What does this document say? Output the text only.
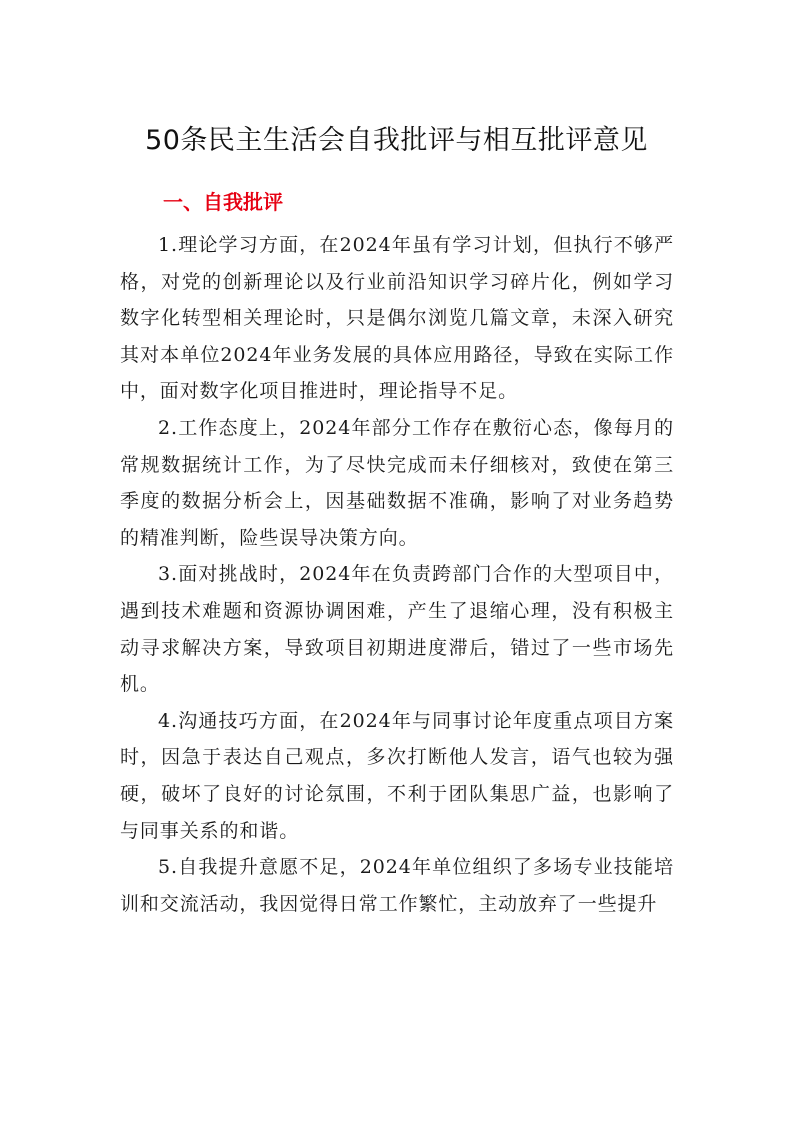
50条民主生活会自我批评与相互批评意见
一、自我批评

1.理论学习方面，在2024年虽有学习计划，但执行不够严格，对党的创新理论以及行业前沿知识学习碎片化，例如学习数字化转型相关理论时，只是偶尔浏览几篇文章，未深入研究其对本单位2024年业务发展的具体应用路径，导致在实际工作中，面对数字化项目推进时，理论指导不足。

2.工作态度上，2024年部分工作存在敷衍心态，像每月的常规数据统计工作，为了尽快完成而未仔细核对，致使在第三季度的数据分析会上，因基础数据不准确，影响了对业务趋势的精准判断，险些误导决策方向。

3.面对挑战时，2024年在负责跨部门合作的大型项目中，遇到技术难题和资源协调困难，产生了退缩心理，没有积极主动寻求解决方案，导致项目初期进度滞后，错过了一些市场先机。

4.沟通技巧方面，在2024年与同事讨论年度重点项目方案时，因急于表达自己观点，多次打断他人发言，语气也较为强硬，破坏了良好的讨论氛围，不利于团队集思广益，也影响了与同事关系的和谐。

5.自我提升意愿不足，2024年单位组织了多场专业技能培训和交流活动，我因觉得日常工作繁忙，主动放弃了一些提升
